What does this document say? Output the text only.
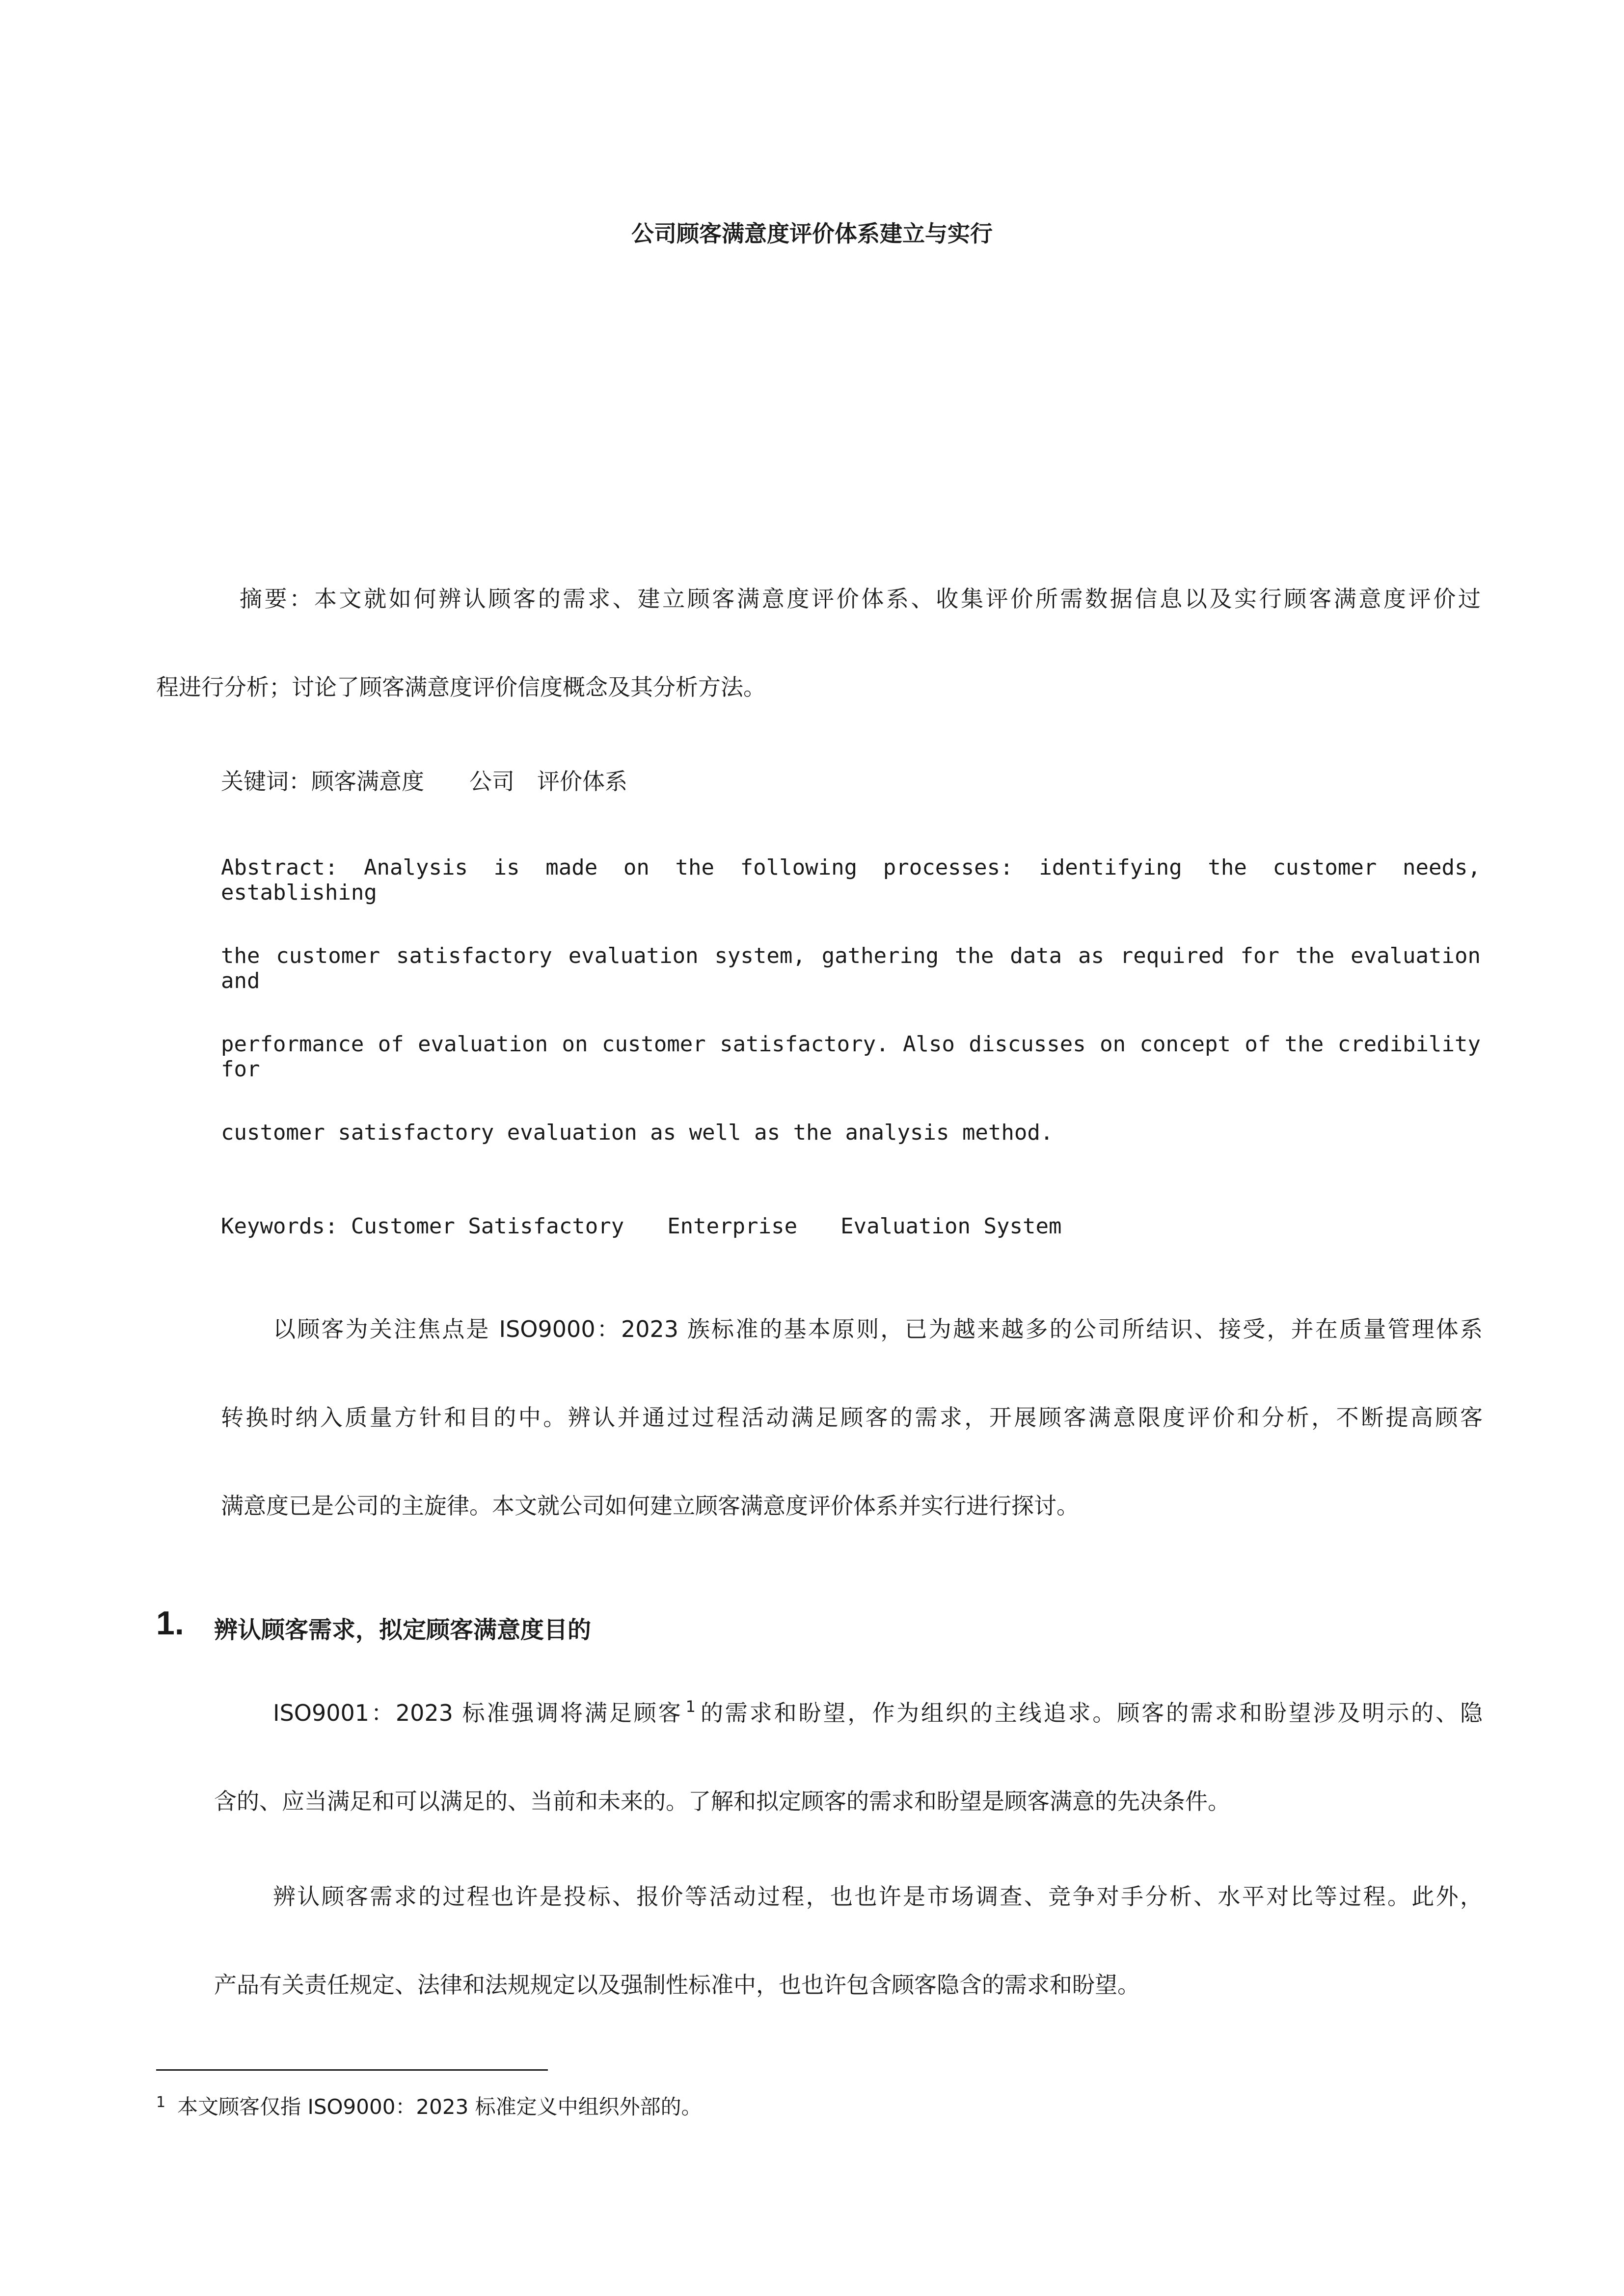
公司顾客满意度评价体系建立与实行
摘要：本文就如何辨认顾客的需求、建立顾客满意度评价体系、收集评价所需数据信息以及实行顾客满意度评价过
程进行分析；讨论了顾客满意度评价信度概念及其分析方法。
关键词：顾客满意度　　公司　评价体系
Abstract: Analysis is made on the following processes: identifying the customer needs, establishing
the customer satisfactory evaluation system, gathering the data as required for the evaluation and
performance of evaluation on customer satisfactory. Also discusses on concept of the credibility for
customer satisfactory evaluation as well as the analysis method.
Keywords: Customer Satisfactory　　Enterprise　　Evaluation System
以顾客为关注焦点是 ISO9000：2023 族标准的基本原则，已为越来越多的公司所结识、接受，并在质量管理体系
转换时纳入质量方针和目的中。辨认并通过过程活动满足顾客的需求，开展顾客满意限度评价和分析，不断提高顾客
满意度已是公司的主旋律。本文就公司如何建立顾客满意度评价体系并实行进行探讨。
1. 辨认顾客需求，拟定顾客满意度目的
ISO9001：2023 标准强调将满足顾客 $^1$ 的需求和盼望，作为组织的主线追求。顾客的需求和盼望涉及明示的、隐
含的、应当满足和可以满足的、当前和未来的。了解和拟定顾客的需求和盼望是顾客满意的先决条件。
辨认顾客需求的过程也许是投标、报价等活动过程，也也许是市场调查、竞争对手分析、水平对比等过程。此外，
产品有关责任规定、法律和法规规定以及强制性标准中，也也许包含顾客隐含的需求和盼望。
$^1$ 本文顾客仅指 ISO9000：2023 标准定义中组织外部的。
